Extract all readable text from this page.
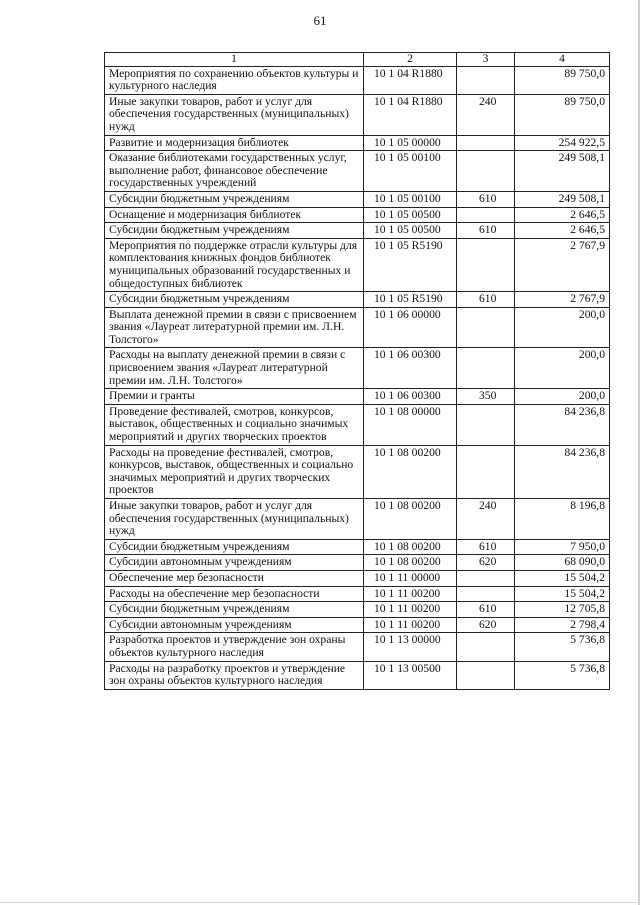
61
1	2	3	4
Мероприятия по сохранению объектов культуры и культурного наследия	10 1 04 R1880		89 750,0
Иные закупки товаров, работ и услуг для обеспечения государственных (муниципальных) нужд	10 1 04 R1880	240	89 750,0
Развитие и модернизация библиотек	10 1 05 00000		254 922,5
Оказание библиотеками государственных услуг, выполнение работ, финансовое обеспечение государственных учреждений	10 1 05 00100		249 508,1
Субсидии бюджетным учреждениям	10 1 05 00100	610	249 508,1
Оснащение и модернизация библиотек	10 1 05 00500		2 646,5
Субсидии бюджетным учреждениям	10 1 05 00500	610	2 646,5
Мероприятия по поддержке отрасли культуры для комплектования книжных фондов библиотек муниципальных образований государственных и общедоступных библиотек	10 1 05 R5190		2 767,9
Субсидии бюджетным учреждениям	10 1 05 R5190	610	2 767,9
Выплата денежной премии в связи с присвоением звания «Лауреат литературной премии им. Л.Н. Толстого»	10 1 06 00000		200,0
Расходы на выплату денежной премии в связи с присвоением звания «Лауреат литературной премии им. Л.Н. Толстого»	10 1 06 00300		200,0
Премии и гранты	10 1 06 00300	350	200,0
Проведение фестивалей, смотров, конкурсов, выставок, общественных и социально значимых мероприятий и других творческих проектов	10 1 08 00000		84 236,8
Расходы на проведение фестивалей, смотров, конкурсов, выставок, общественных и социально значимых мероприятий и других творческих проектов	10 1 08 00200		84 236,8
Иные закупки товаров, работ и услуг для обеспечения государственных (муниципальных) нужд	10 1 08 00200	240	8 196,8
Субсидии бюджетным учреждениям	10 1 08 00200	610	7 950,0
Субсидии автономным учреждениям	10 1 08 00200	620	68 090,0
Обеспечение мер безопасности	10 1 11 00000		15 504,2
Расходы на обеспечение мер безопасности	10 1 11 00200		15 504,2
Субсидии бюджетным учреждениям	10 1 11 00200	610	12 705,8
Субсидии автономным учреждениям	10 1 11 00200	620	2 798,4
Разработка проектов и утверждение зон охраны объектов культурного наследия	10 1 13 00000		5 736,8
Расходы на разработку проектов и утверждение зон охраны объектов культурного наследия	10 1 13 00500		5 736,8
